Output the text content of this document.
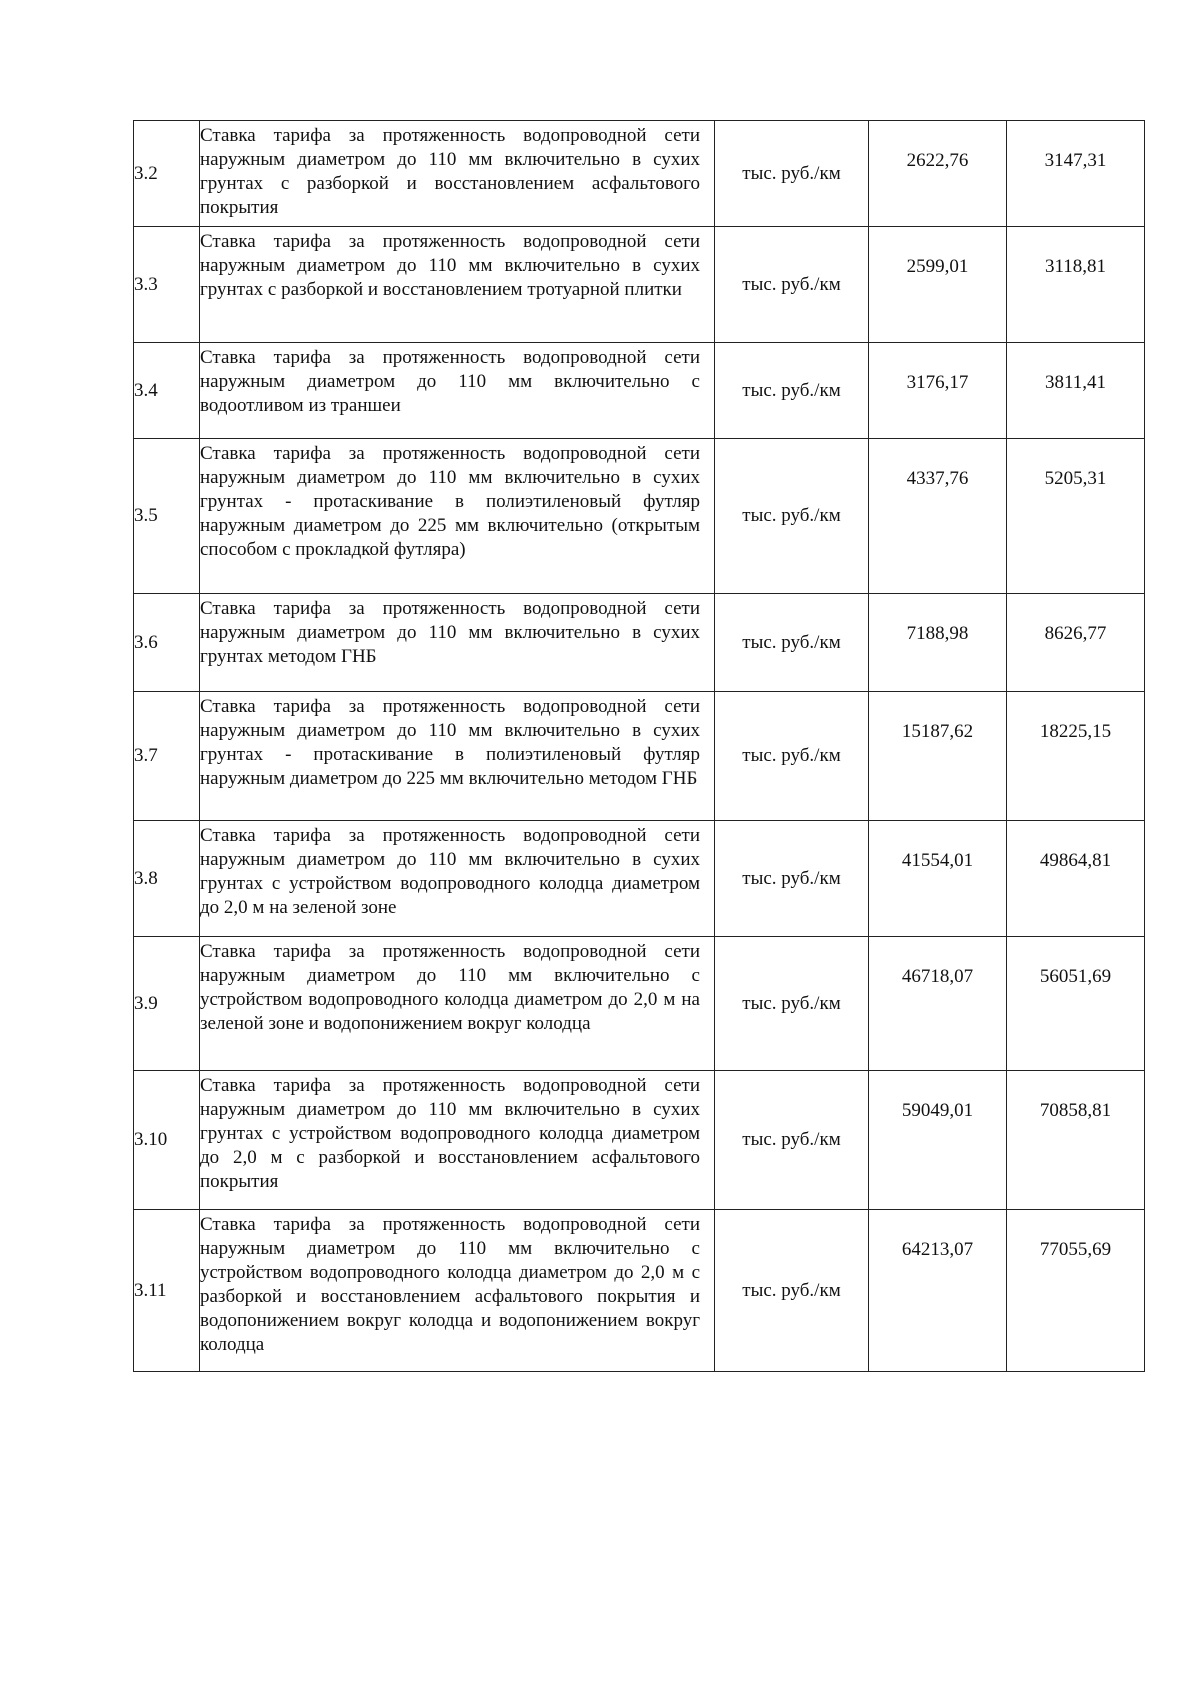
3.2	Ставка тарифа за протяженность водопроводной сети наружным диаметром до 110 мм включительно в сухих грунтах с разборкой и восстановлением асфальтового покрытия	тыс. руб./км	2622,76	3147,31
3.3	Ставка тарифа за протяженность водопроводной сети наружным диаметром до 110 мм включительно в сухих грунтах с разборкой и восстановлением тротуарной плитки	тыс. руб./км	2599,01	3118,81
3.4	Ставка тарифа за протяженность водопроводной сети наружным диаметром до 110 мм включительно с водоотливом из траншеи	тыс. руб./км	3176,17	3811,41
3.5	Ставка тарифа за протяженность водопроводной сети наружным диаметром до 110 мм включительно в сухих грунтах - протаскивание в полиэтиленовый футляр наружным диаметром до 225 мм включительно (открытым способом с прокладкой футляра)	тыс. руб./км	4337,76	5205,31
3.6	Ставка тарифа за протяженность водопроводной сети наружным диаметром до 110 мм включительно в сухих грунтах методом ГНБ	тыс. руб./км	7188,98	8626,77
3.7	Ставка тарифа за протяженность водопроводной сети наружным диаметром до 110 мм включительно в сухих грунтах - протаскивание в полиэтиленовый футляр наружным диаметром до 225 мм включительно методом ГНБ	тыс. руб./км	15187,62	18225,15
3.8	Ставка тарифа за протяженность водопроводной сети наружным диаметром до 110 мм включительно в сухих грунтах с устройством водопроводного колодца диаметром до 2,0 м на зеленой зоне	тыс. руб./км	41554,01	49864,81
3.9	Ставка тарифа за протяженность водопроводной сети наружным диаметром до 110 мм включительно с устройством водопроводного колодца диаметром до 2,0 м на зеленой зоне и водопонижением вокруг колодца	тыс. руб./км	46718,07	56051,69
3.10	Ставка тарифа за протяженность водопроводной сети наружным диаметром до 110 мм включительно в сухих грунтах с устройством водопроводного колодца диаметром до 2,0 м с разборкой и восстановлением асфальтового покрытия	тыс. руб./км	59049,01	70858,81
3.11	Ставка тарифа за протяженность водопроводной сети наружным диаметром до 110 мм включительно с устройством водопроводного колодца диаметром до 2,0 м с разборкой и восстановлением асфальтового покрытия и водопонижением вокруг колодца и водопонижением вокруг колодца	тыс. руб./км	64213,07	77055,69
